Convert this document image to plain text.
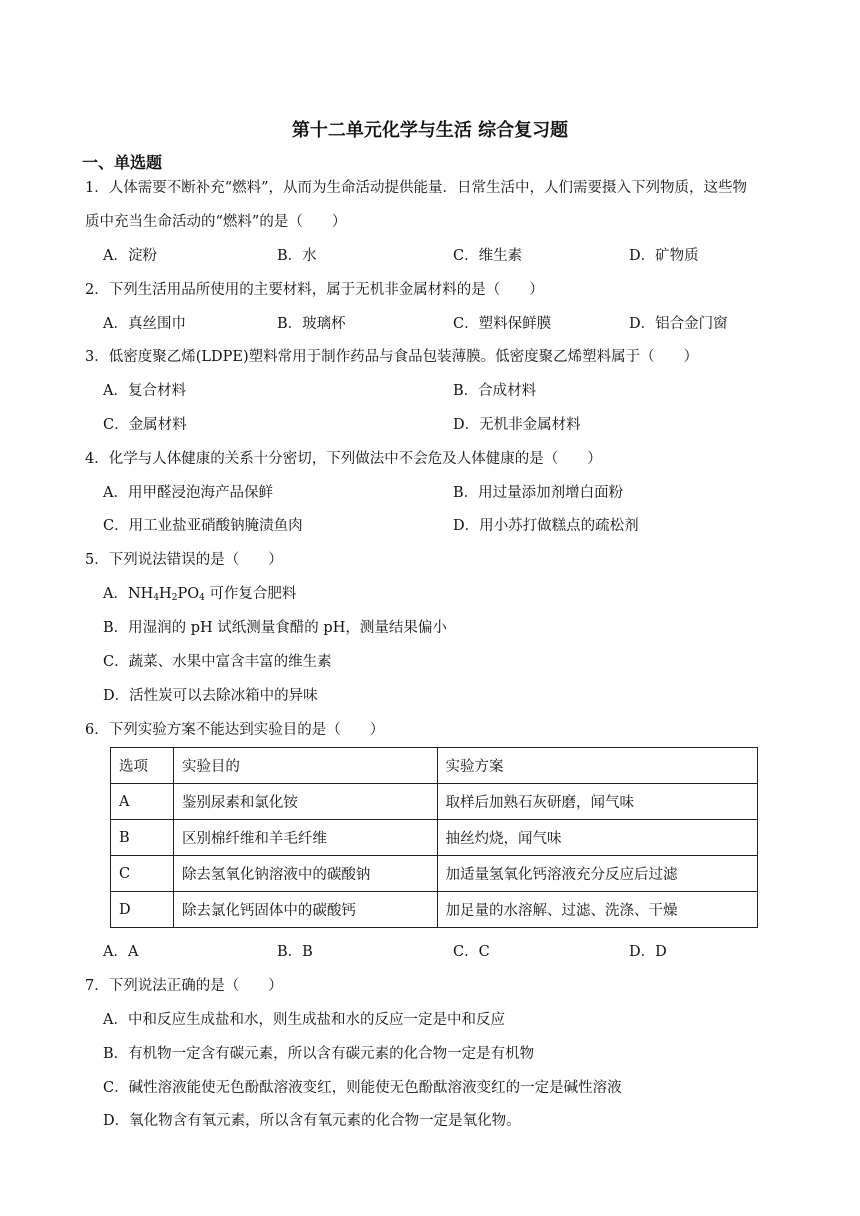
第十二单元化学与生活 综合复习题
一、单选题
1．人体需要不断补充“燃料”，从而为生命活动提供能量．日常生活中，人们需要摄入下列物质，这些物
质中充当生命活动的“燃料”的是（　　）
A．淀粉	B．水	C．维生素	D．矿物质
2．下列生活用品所使用的主要材料，属于无机非金属材料的是（　　）
A．真丝围巾	B．玻璃杯	C．塑料保鲜膜	D．铝合金门窗
3．低密度聚乙烯(LDPE)塑料常用于制作药品与食品包装薄膜。低密度聚乙烯塑料属于（　　）
A．复合材料	B．合成材料
C．金属材料	D．无机非金属材料
4．化学与人体健康的关系十分密切，下列做法中不会危及人体健康的是（　　）
A．用甲醛浸泡海产品保鲜	B．用过量添加剂增白面粉
C．用工业盐亚硝酸钠腌渍鱼肉	D．用小苏打做糕点的疏松剂
5．下列说法错误的是（　　）
A．$NH_4H_2PO_4$ 可作复合肥料
B．用湿润的 pH 试纸测量食醋的 pH，测量结果偏小
C．蔬菜、水果中富含丰富的维生素
D．活性炭可以去除冰箱中的异味
6．下列实验方案不能达到实验目的是（　　）
选项	实验目的	实验方案
A	鉴别尿素和氯化铵	取样后加熟石灰研磨，闻气味
B	区别棉纤维和羊毛纤维	抽丝灼烧，闻气味
C	除去氢氧化钠溶液中的碳酸钠	加适量氢氧化钙溶液充分反应后过滤
D	除去氯化钙固体中的碳酸钙	加足量的水溶解、过滤、洗涤、干燥
A．A	B．B	C．C	D．D
7．下列说法正确的是（　　）
A．中和反应生成盐和水，则生成盐和水的反应一定是中和反应
B．有机物一定含有碳元素，所以含有碳元素的化合物一定是有机物
C．碱性溶液能使无色酚酞溶液变红，则能使无色酚酞溶液变红的一定是碱性溶液
D．氧化物含有氧元素，所以含有氧元素的化合物一定是氧化物。
